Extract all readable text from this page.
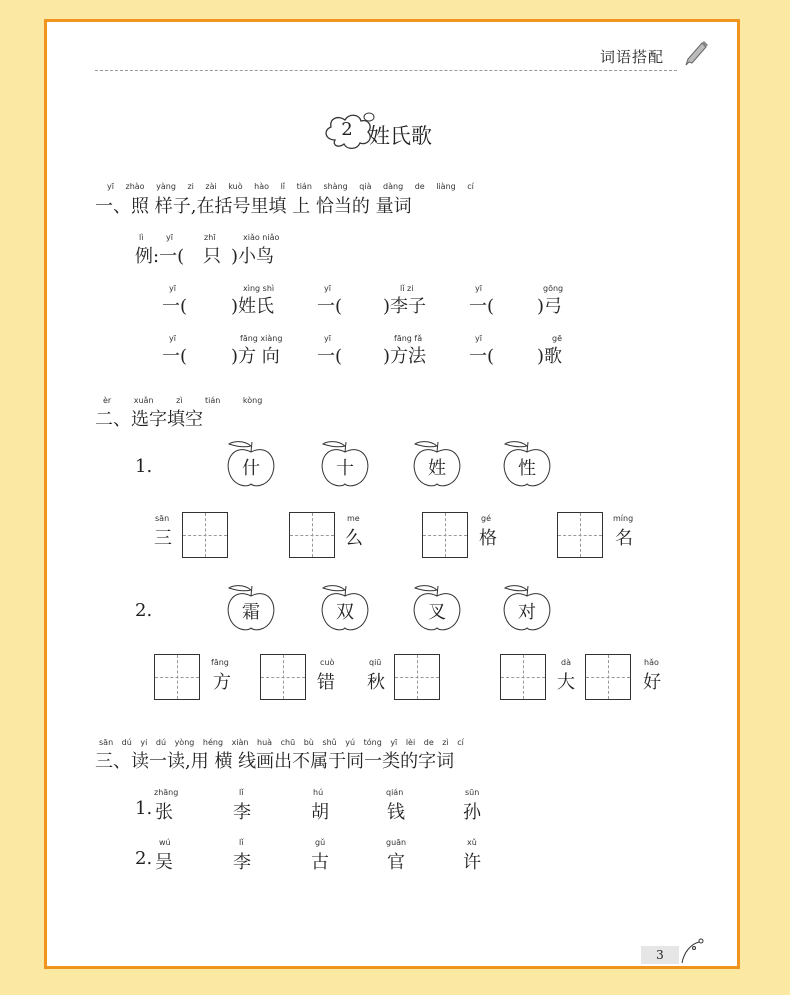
词语搭配
2 姓氏歌
yī zhào yàng zi zài kuò hào lǐ tián shàng qià dàng de liàng cí
一、照 样子,在括号里填 上 恰当的 量词
lì	yī	zhī	xiǎo niǎo
例:一( 只 )小鸟
yī	xìng shì
一( )姓氏
yī	lǐ zi
一( )李子
yī	gōng
一( )弓
yī	fāng xiàng
一( )方 向
yī	fāng fǎ
一( )方法
yī	gē
一( )歌
èr xuǎn zì tián kòng
二、选字填空
1.	什	十	姓	性
sān
三
me
么
gé
格
míng
名
2.	霜	双	叉	对
fāng
方
cuò
错
qiū
秋
dà
大
hǎo
好
sān dú yi dú yòng héng xiàn huà chū bù shǔ yú tóng yī lèi de zì cí
三、读一读,用 横 线画出不属于同一类的字词
1.
zhāng
张
lǐ
李
hú
胡
qián
钱
sūn
孙
2.
wú
吴
lǐ
李
gǔ
古
guān
官
xǔ
许
3
